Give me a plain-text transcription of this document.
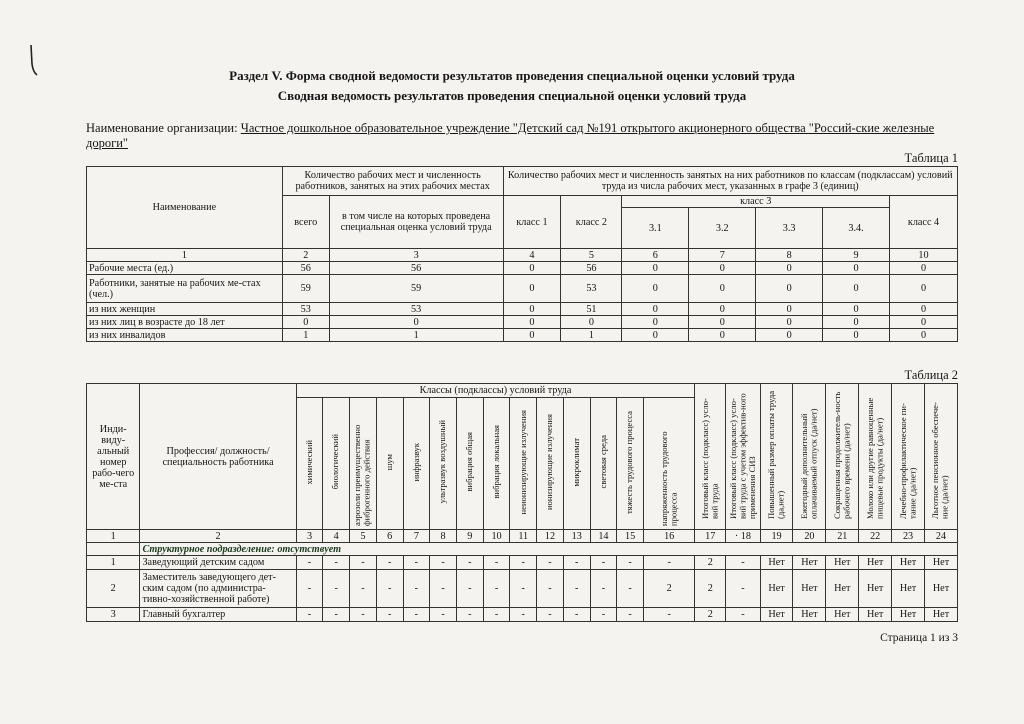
Раздел V. Форма сводной ведомости результатов проведения специальной оценки условий труда
Сводная ведомость результатов проведения специальной оценки условий труда
Наименование организации: Частное дошкольное образовательное учреждение "Детский сад №191 открытого акционерного общества "Россий-ские железные дороги"
Таблица 1
Наименование	Количество рабочих мест и численность работников, занятых на этих рабочих местах		Количество рабочих мест и численность занятых на них работников по классам (подклассам) условий труда из числа рабочих мест, указанных в графе 3 (единиц)						
	всего	в том числе на которых проведена специальная оценка условий труда	класс 1	класс 2	класс 3				класс 4
					3.1	3.2	3.3	3.4.	
1	2	3	4	5	6	7	8	9	10
Рабочие места (ед.)	56	56	0	56	0	0	0	0	0
Работники, занятые на рабочих ме-стах (чел.)	59	59	0	53	0	0	0	0	0
из них женщин	53	53	0	51	0	0	0	0	0
из них лиц в возрасте до 18 лет	0	0	0	0	0	0	0	0	0
из них инвалидов	1	1	0	1	0	0	0	0	0
Таблица 2
Инди-виду-альный номер рабо-чего ме-ста	Профессия/ должность/ специальность работника	Классы (подклассы) условий труда														Итоговый класс (подкласс) усло-вий труда	Итоговый класс (подкласс) усло-вий труда с учетом эффектив-ного применения СИЗ	Повышенный размер оплаты труда (да,нет)	Ежегодный дополнительный оплачиваемый отпуск (да/нет)	Сокращенная продолжитель-ность рабочего времени (да/нет)	Молоко или другие равноценные пищевые продукты (да/нет)	Лечебно-профилактическое пи-тание (да/нет)	Льготное пенсионное обеспече-ние (да/нет)
		химический	биологический	аэрозоли преимущественно фиброгенного действия	шум	инфразвук	ультразвук воздушный	вибрация общая	вибрация локальная	неионизирующие излучения	ионизирующие излучения	микроклимат	световая среда	тяжесть трудового процесса	напряженность трудового процесса								
1	2	3	4	5	6	7	8	9	10	11	12	13	14	15	16	17	· 18	19	20	21	22	23	24
	Структурное подразделение: отсутствует																						
1	Заведующий детским садом	-	-	-	-	-	-	-	-	-	-	-	-	-	-	2	-	Нет	Нет	Нет	Нет	Нет	Нет
2	Заместитель заведующего дет-ским садом (по администра-тивно-хозяйственной работе)	-	-	-	-	-	-	-	-	-	-	-	-	-	2	2	-	Нет	Нет	Нет	Нет	Нет	Нет
3	Главный бухгалтер	-	-	-	-	-	-	-	-	-	-	-	-	-	-	2	-	Нет	Нет	Нет	Нет	Нет	Нет
Страница 1 из 3
